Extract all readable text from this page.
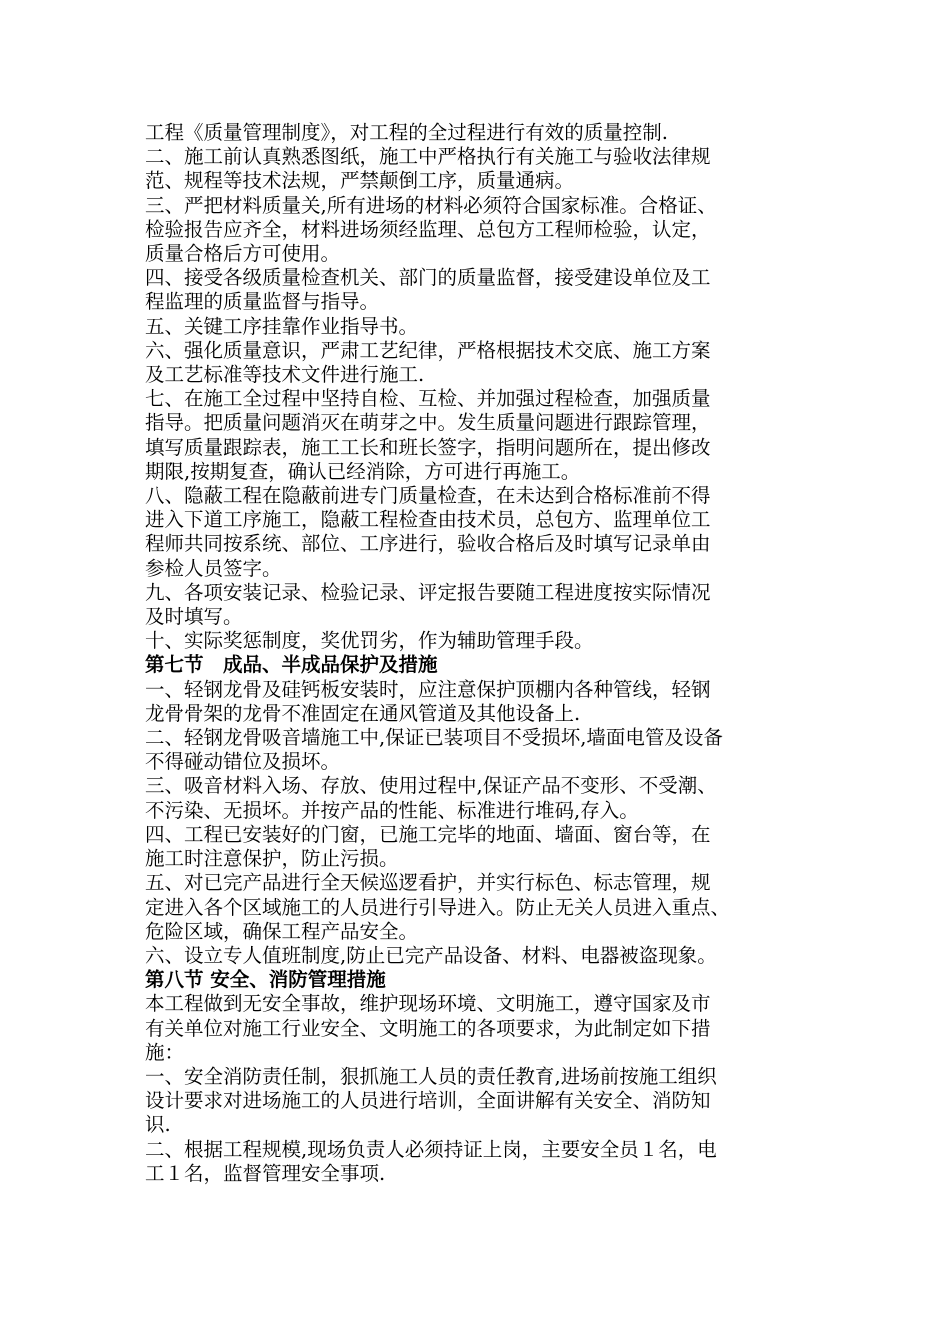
工程《质量管理制度》，对工程的全过程进行有效的质量控制.

二、施工前认真熟悉图纸，施工中严格执行有关施工与验收法律规
范、规程等技术法规，严禁颠倒工序，质量通病。

三、严把材料质量关,所有进场的材料必须符合国家标准。合格证、
检验报告应齐全，材料进场须经监理、总包方工程师检验，认定，
质量合格后方可使用。

四、接受各级质量检查机关、部门的质量监督，接受建设单位及工
程监理的质量监督与指导。

五、关键工序挂靠作业指导书。

六、强化质量意识，严肃工艺纪律，严格根据技术交底、施工方案
及工艺标准等技术文件进行施工.

七、在施工全过程中坚持自检、互检、并加强过程检查，加强质量
指导。把质量问题消灭在萌芽之中。发生质量问题进行跟踪管理，
填写质量跟踪表，施工工长和班长签字，指明问题所在，提出修改
期限,按期复查，确认已经消除，方可进行再施工。

八、隐蔽工程在隐蔽前进专门质量检查，在未达到合格标准前不得
进入下道工序施工，隐蔽工程检查由技术员，总包方、监理单位工
程师共同按系统、部位、工序进行，验收合格后及时填写记录单由
参检人员签字。

九、各项安装记录、检验记录、评定报告要随工程进度按实际情况
及时填写。

十、实际奖惩制度，奖优罚劣，作为辅助管理手段。

第七节　成品、半成品保护及措施

一、轻钢龙骨及硅钙板安装时，应注意保护顶棚内各种管线，轻钢
龙骨骨架的龙骨不准固定在通风管道及其他设备上.

二、轻钢龙骨吸音墙施工中,保证已装项目不受损坏,墙面电管及设备
不得碰动错位及损坏。

三、吸音材料入场、存放、使用过程中,保证产品不变形、不受潮、
不污染、无损坏。并按产品的性能、标准进行堆码,存入。

四、工程已安装好的门窗，已施工完毕的地面、墙面、窗台等，在
施工时注意保护，防止污损。

五、对已完产品进行全天候巡逻看护，并实行标色、标志管理，规
定进入各个区域施工的人员进行引导进入。防止无关人员进入重点、
危险区域，确保工程产品安全。

六、设立专人值班制度,防止已完产品设备、材料、电器被盗现象。

第八节 安全、消防管理措施

本工程做到无安全事故，维护现场环境、文明施工，遵守国家及市
有关单位对施工行业安全、文明施工的各项要求，为此制定如下措
施：

一、安全消防责任制，狠抓施工人员的责任教育,进场前按施工组织
设计要求对进场施工的人员进行培训，全面讲解有关安全、消防知
识.

二、根据工程规模,现场负责人必须持证上岗，主要安全员１名，电
工１名，监督管理安全事项.
